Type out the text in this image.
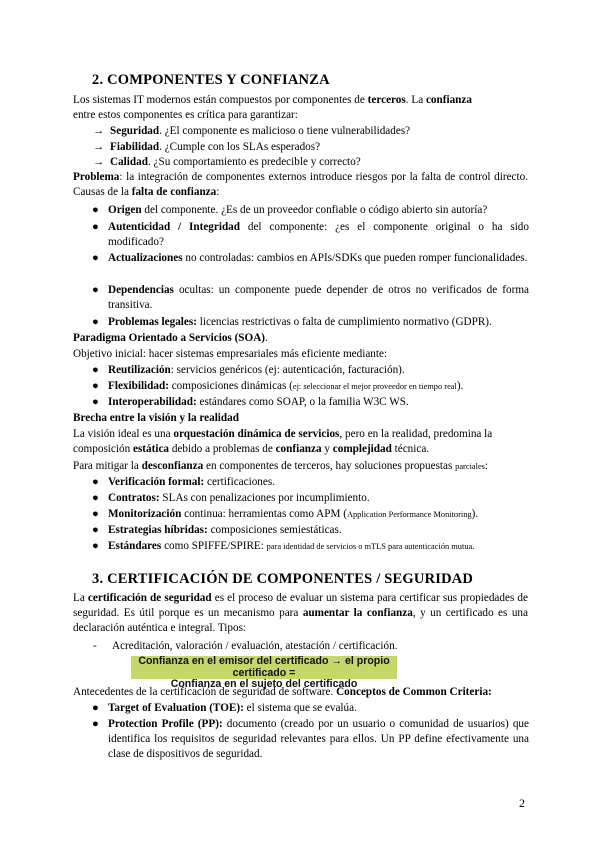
2. COMPONENTES Y CONFIANZA
Los sistemas IT modernos están compuestos por componentes de terceros. La confianza
entre estos componentes es crítica para garantizar:
→ Seguridad. ¿El componente es malicioso o tiene vulnerabilidades?
→ Fiabilidad. ¿Cumple con los SLAs esperados?
→ Calidad. ¿Su comportamiento es predecible y correcto?
Problema: la integración de componentes externos introduce riesgos por la falta de control directo. Causas de la falta de confianza:
● Origen del componente. ¿Es de un proveedor confiable o código abierto sin autoría?
● Autenticidad / Integridad del componente: ¿es el componente original o ha sido modificado?
● Actualizaciones no controladas: cambios en APIs/SDKs que pueden romper funcionalidades.
● Dependencias ocultas: un componente puede depender de otros no verificados de forma transitiva.
● Problemas legales: licencias restrictivas o falta de cumplimiento normativo (GDPR).
Paradigma Orientado a Servicios (SOA).
Objetivo inicial: hacer sistemas empresariales más eficiente mediante:
● Reutilización: servicios genéricos (ej: autenticación, facturación).
● Flexibilidad: composiciones dinámicas (ej: seleccionar el mejor proveedor en tiempo real).
● Interoperabilidad: estándares como SOAP, o la familia W3C WS.
Brecha entre la visión y la realidad
La visión ideal es una orquestación dinámica de servicios, pero en la realidad, predomina la
composición estática debido a problemas de confianza y complejidad técnica.
Para mitigar la desconfianza en componentes de terceros, hay soluciones propuestas parciales:
● Verificación formal: certificaciones.
● Contratos: SLAs con penalizaciones por incumplimiento.
● Monitorización continua: herramientas como APM (Application Performance Monitoring).
● Estrategias híbridas: composiciones semiestáticas.
● Estándares como SPIFFE/SPIRE: para identidad de servicios o mTLS para autenticación mutua.
3. CERTIFICACIÓN DE COMPONENTES / SEGURIDAD
La certificación de seguridad es el proceso de evaluar un sistema para certificar sus propiedades de seguridad. Es útil porque es un mecanismo para aumentar la confianza, y un certificado es una declaración auténtica e integral. Tipos:
- Acreditación, valoración / evaluación, atestación / certificación.
Confianza en el emisor del certificado → el propio certificado =
Confianza en el sujeto del certificado
Antecedentes de la certificación de seguridad de software. Conceptos de Common Criteria:
● Target of Evaluation (TOE): el sistema que se evalúa.
● Protection Profile (PP): documento (creado por un usuario o comunidad de usuarios) que identifica los requisitos de seguridad relevantes para ellos. Un PP define efectivamente una clase de dispositivos de seguridad.
2
